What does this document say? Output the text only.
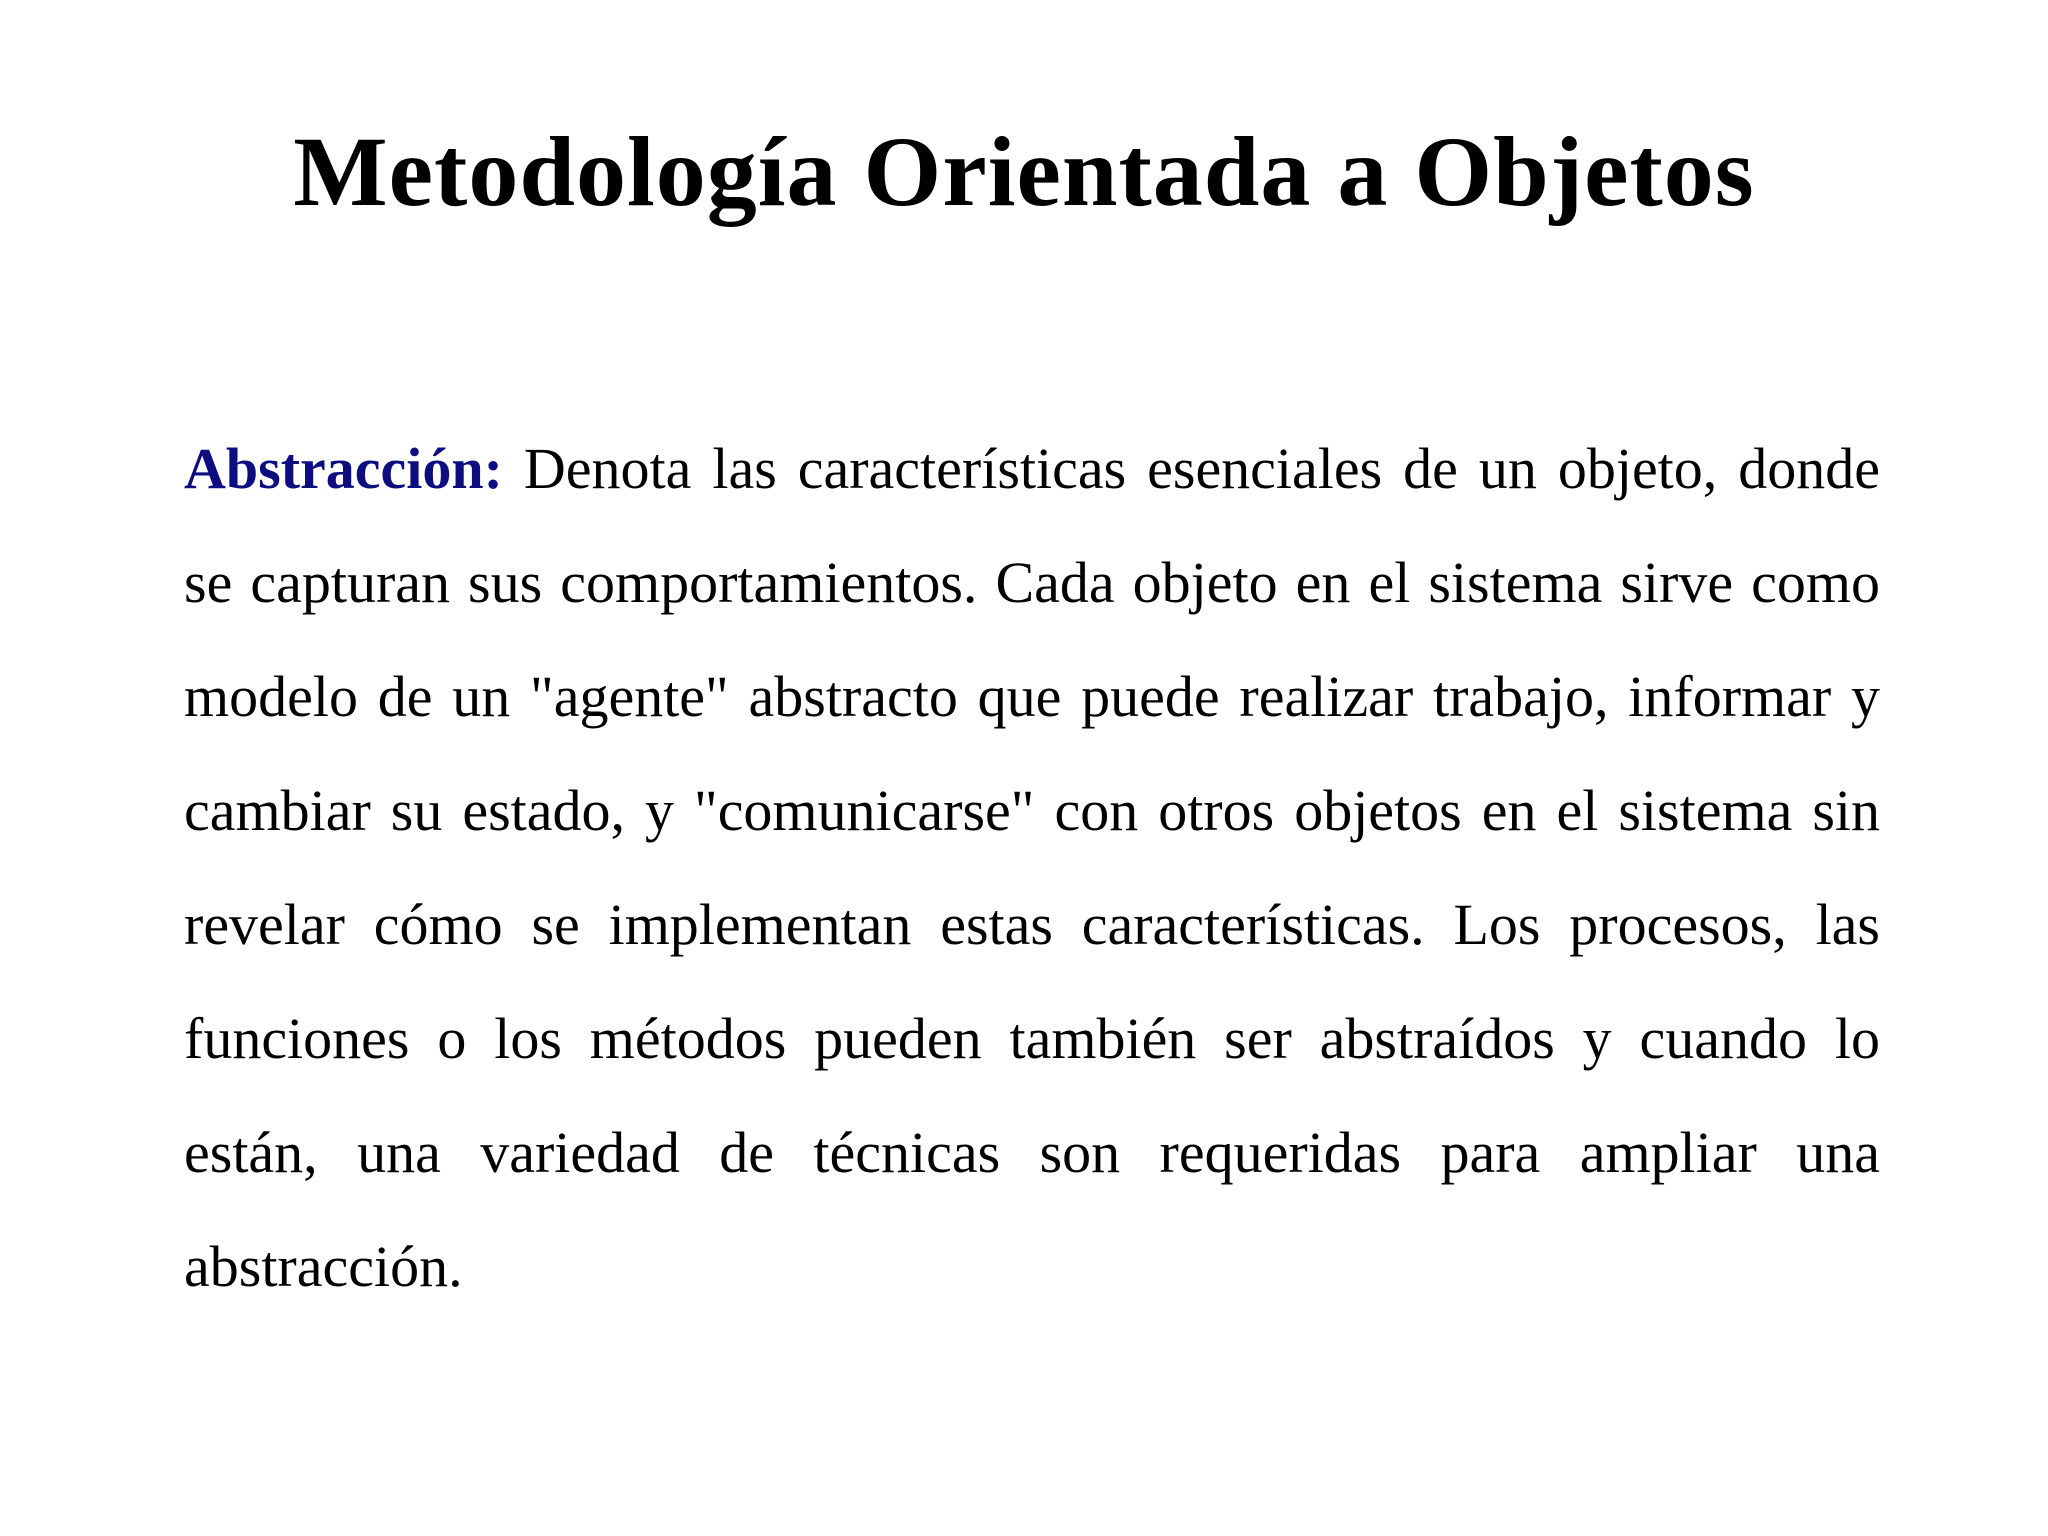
Metodología Orientada a Objetos

Abstracción: Denota las características esenciales de un objeto, donde se capturan sus comportamientos. Cada objeto en el sistema sirve como modelo de un "agente" abstracto que puede realizar trabajo, informar y cambiar su estado, y "comunicarse" con otros objetos en el sistema sin revelar cómo se implementan estas características. Los procesos, las funciones o los métodos pueden también ser abstraídos y cuando lo están, una variedad de técnicas son requeridas para ampliar una abstracción.
